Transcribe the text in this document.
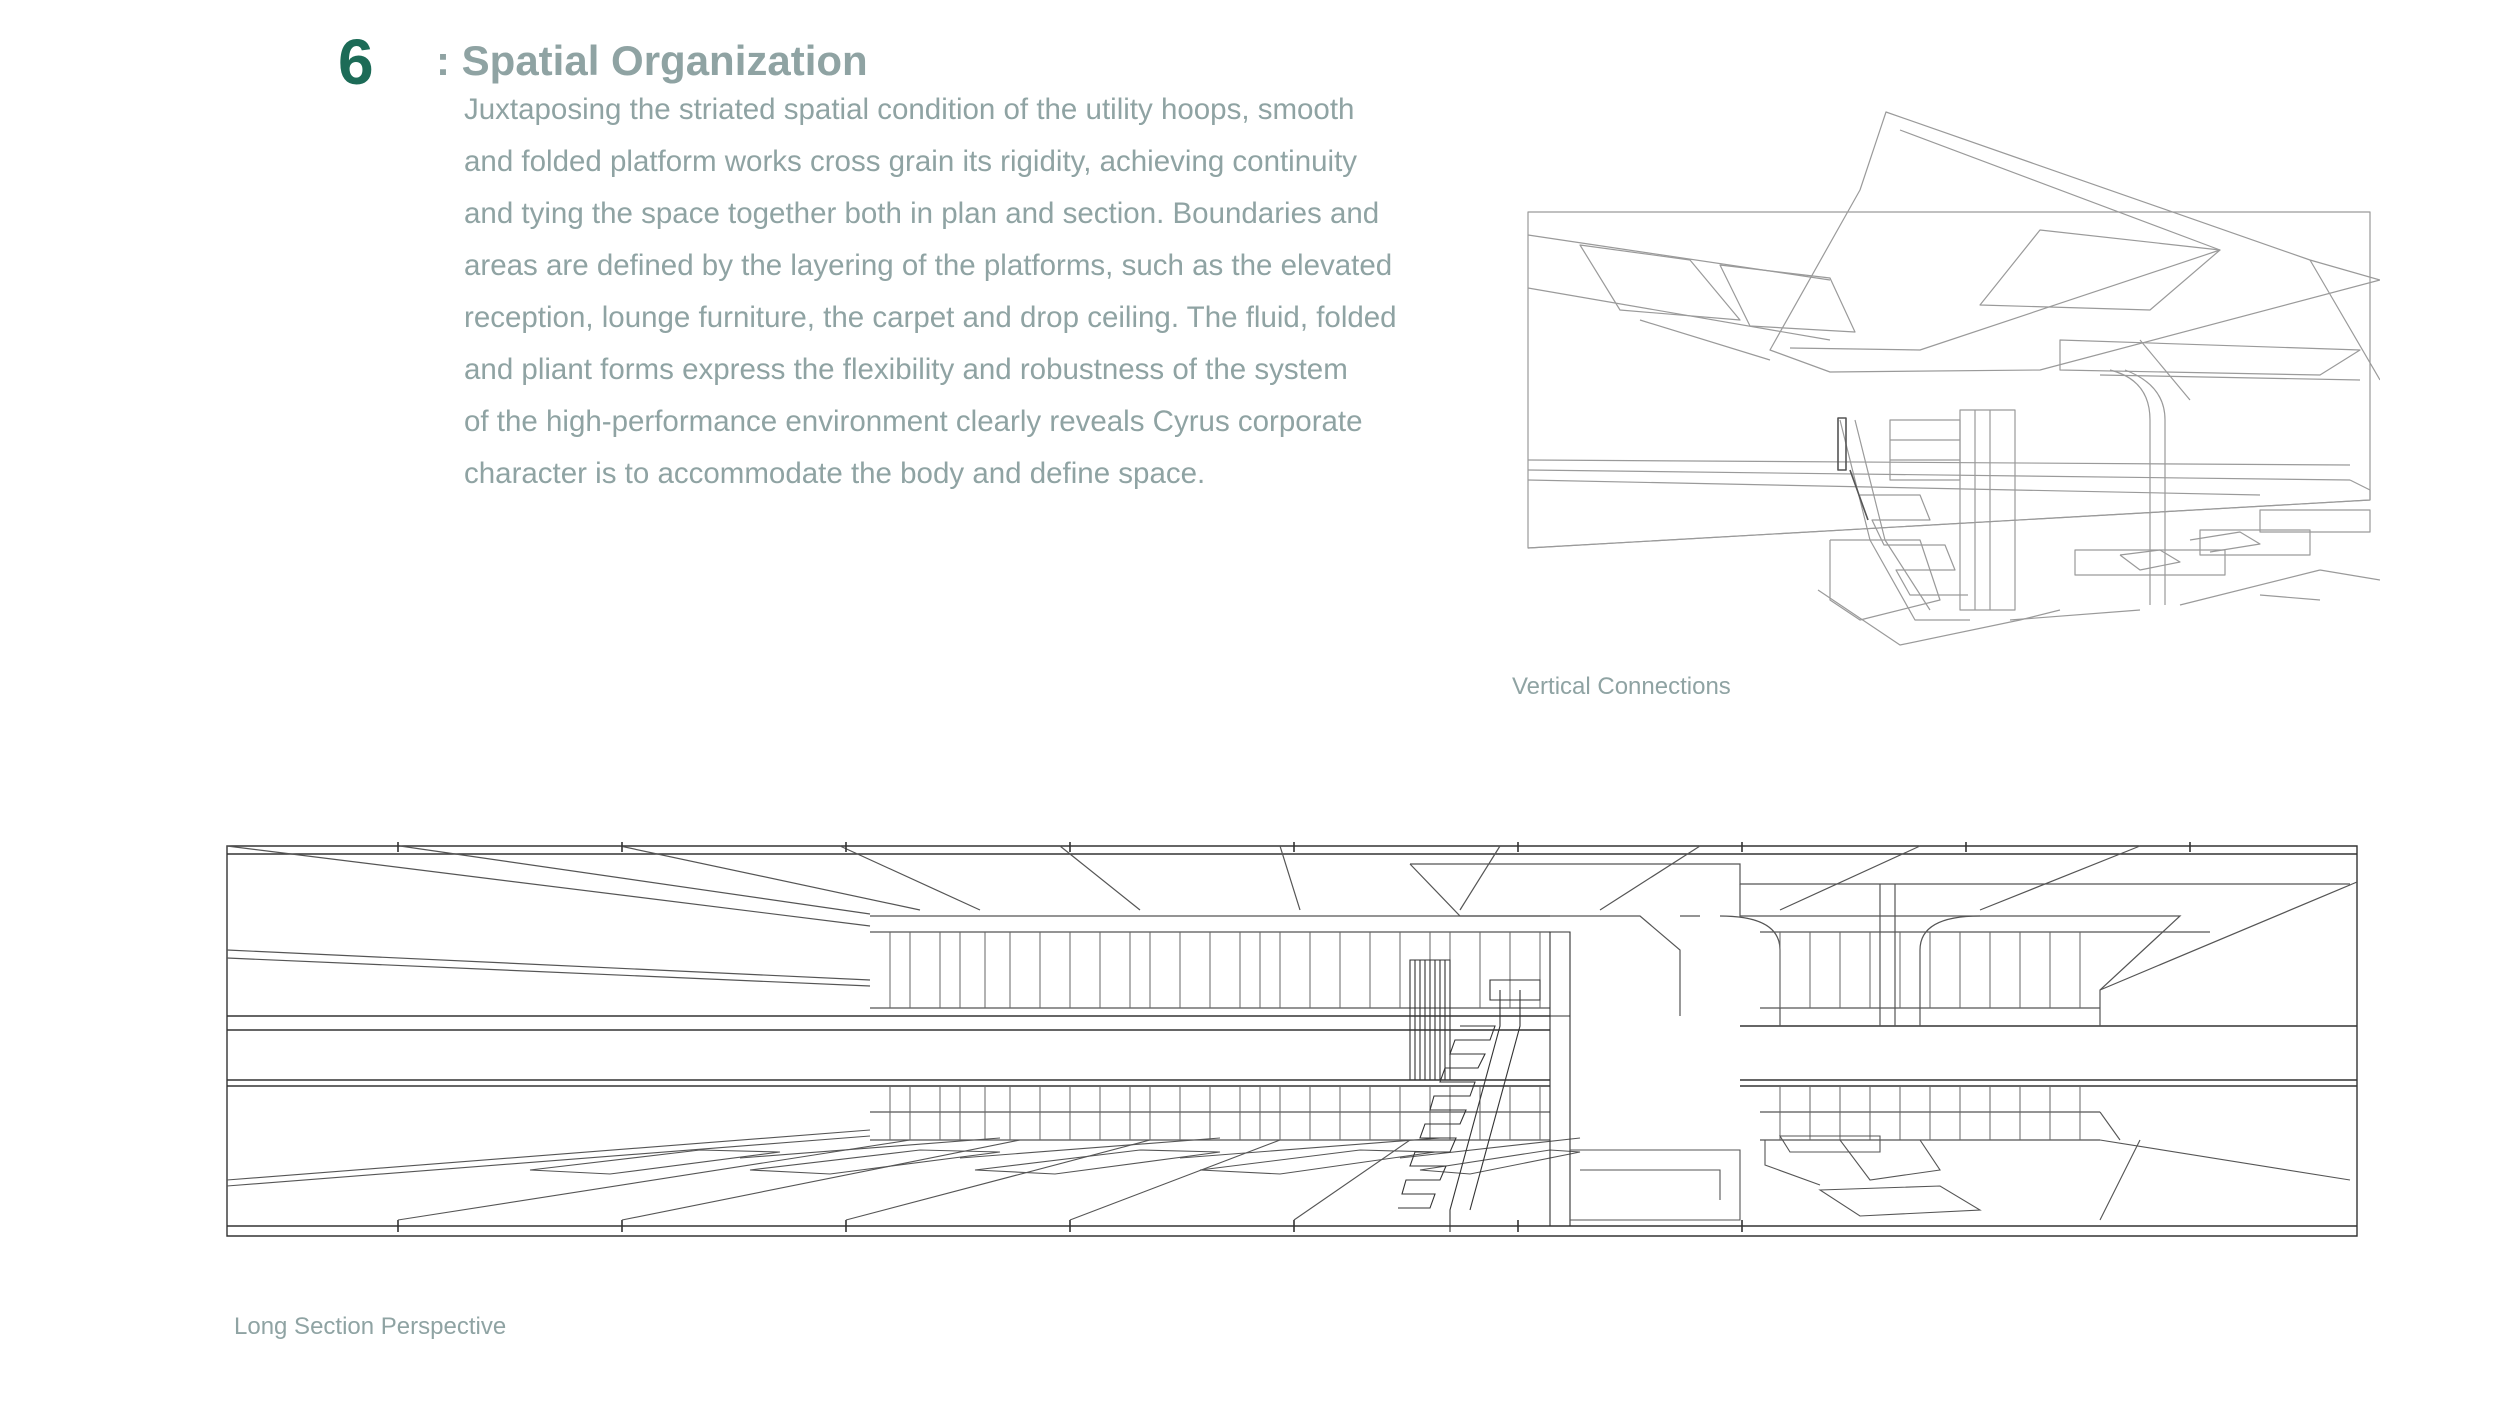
6 : Spatial Organization
Juxtaposing the striated spatial condition of the utility hoops, smooth
and folded platform works cross grain its rigidity, achieving continuity
and tying the space together both in plan and section. Boundaries and
areas are defined by the layering of the platforms, such as the elevated
reception, lounge furniture, the carpet and drop ceiling. The fluid, folded
and pliant forms express the flexibility and robustness of the system
of the high-performance environment clearly reveals Cyrus corporate
character is to accommodate the body and define space.
Vertical Connections
Long Section Perspective
